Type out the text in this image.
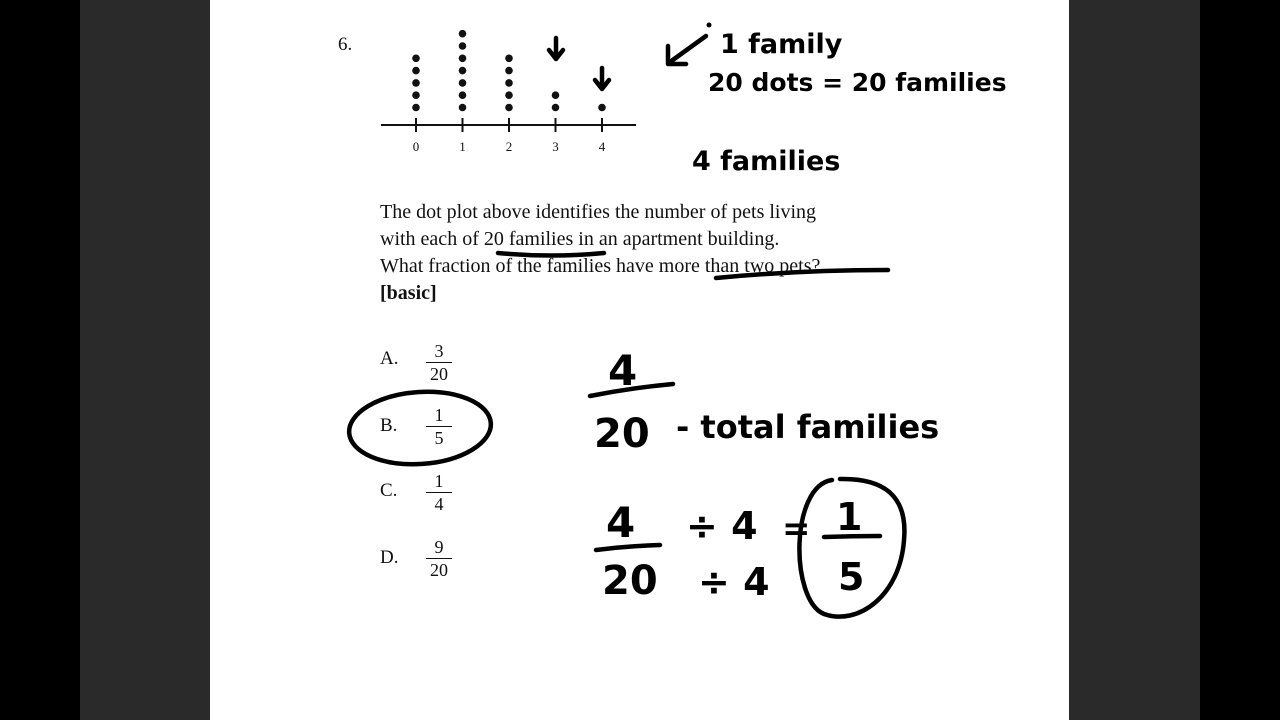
6.
0	1	2	3	4

The dot plot above identifies the number of pets living
with each of 20 families in an apartment building.
What fraction of the families have more than two pets?

[basic]
A. $\frac{3}{20}$
B. $\frac{1}{5}$
C. $\frac{1}{4}$
D. $\frac{9}{20}$
1 family
20 dots = 20 families
4 families
4
20 - total families
4
20
÷ 4
÷ 4
= 1
5
